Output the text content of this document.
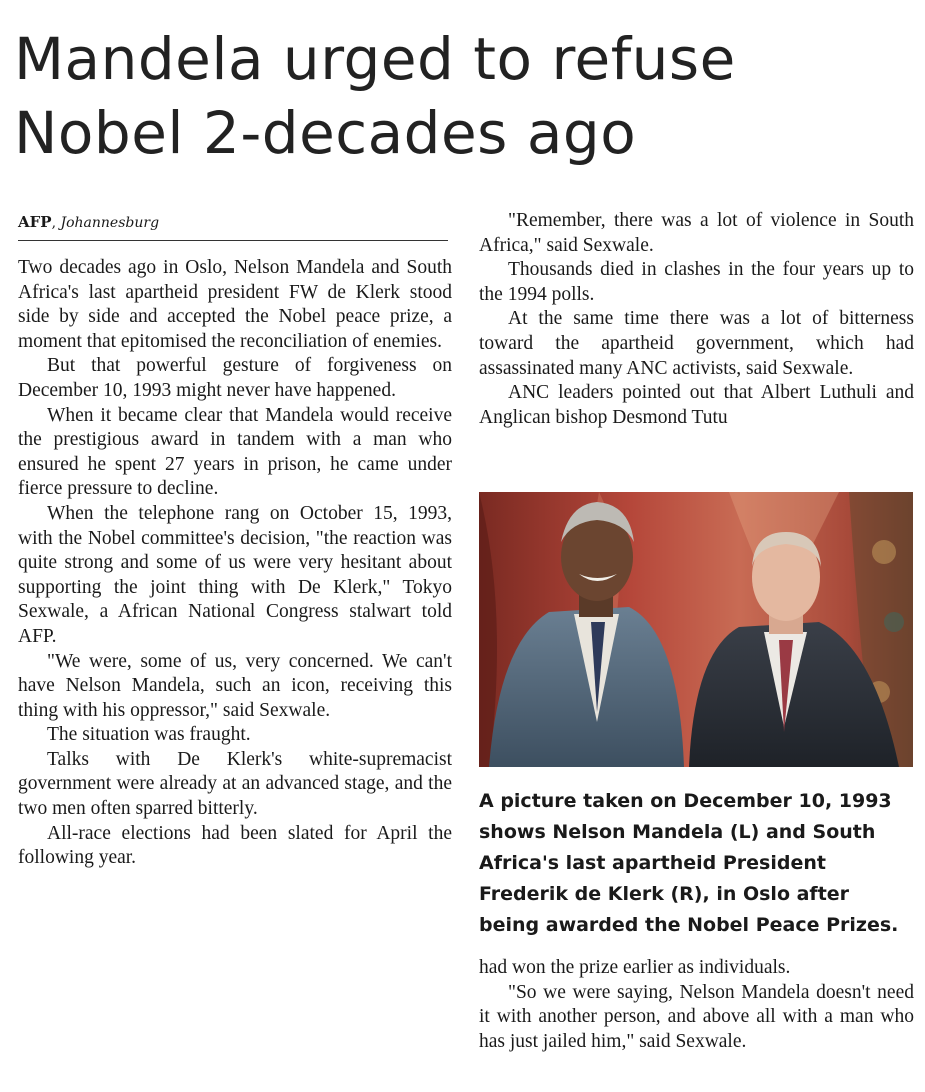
Mandela urged to refuse
Nobel 2-decades ago
AFP, Johannesburg

Two decades ago in Oslo, Nelson Mandela and South Africa's last apartheid president FW de Klerk stood side by side and accepted the Nobel peace prize, a moment that epitomised the reconciliation of enemies.

But that powerful gesture of forgiveness on December 10, 1993 might never have happened.

When it became clear that Mandela would receive the prestigious award in tandem with a man who ensured he spent 27 years in prison, he came under fierce pressure to decline.

When the telephone rang on October 15, 1993, with the Nobel committee's decision, "the reaction was quite strong and some of us were very hesitant about supporting the joint thing with De Klerk," Tokyo Sexwale, a African National Congress stalwart told AFP.

"We were, some of us, very concerned. We can't have Nelson Mandela, such an icon, receiving this thing with his oppressor," said Sexwale.

The situation was fraught.

Talks with De Klerk's white-supremacist government were already at an advanced stage, and the two men often sparred bitterly.

All-race elections had been slated for April the following year.

"Remember, there was a lot of violence in South Africa," said Sexwale.

Thousands died in clashes in the four years up to the 1994 polls.

At the same time there was a lot of bitterness toward the apartheid government, which had assassinated many ANC activists, said Sexwale.

ANC leaders pointed out that Albert Luthuli and Anglican bishop Desmond Tutu

A picture taken on December 10, 1993 shows Nelson Mandela (L) and South Africa's last apartheid President Frederik de Klerk (R), in Oslo after being awarded the Nobel Peace Prizes.

had won the prize earlier as individuals.

"So we were saying, Nelson Mandela doesn't need it with another person, and above all with a man who has just jailed him," said Sexwale.
